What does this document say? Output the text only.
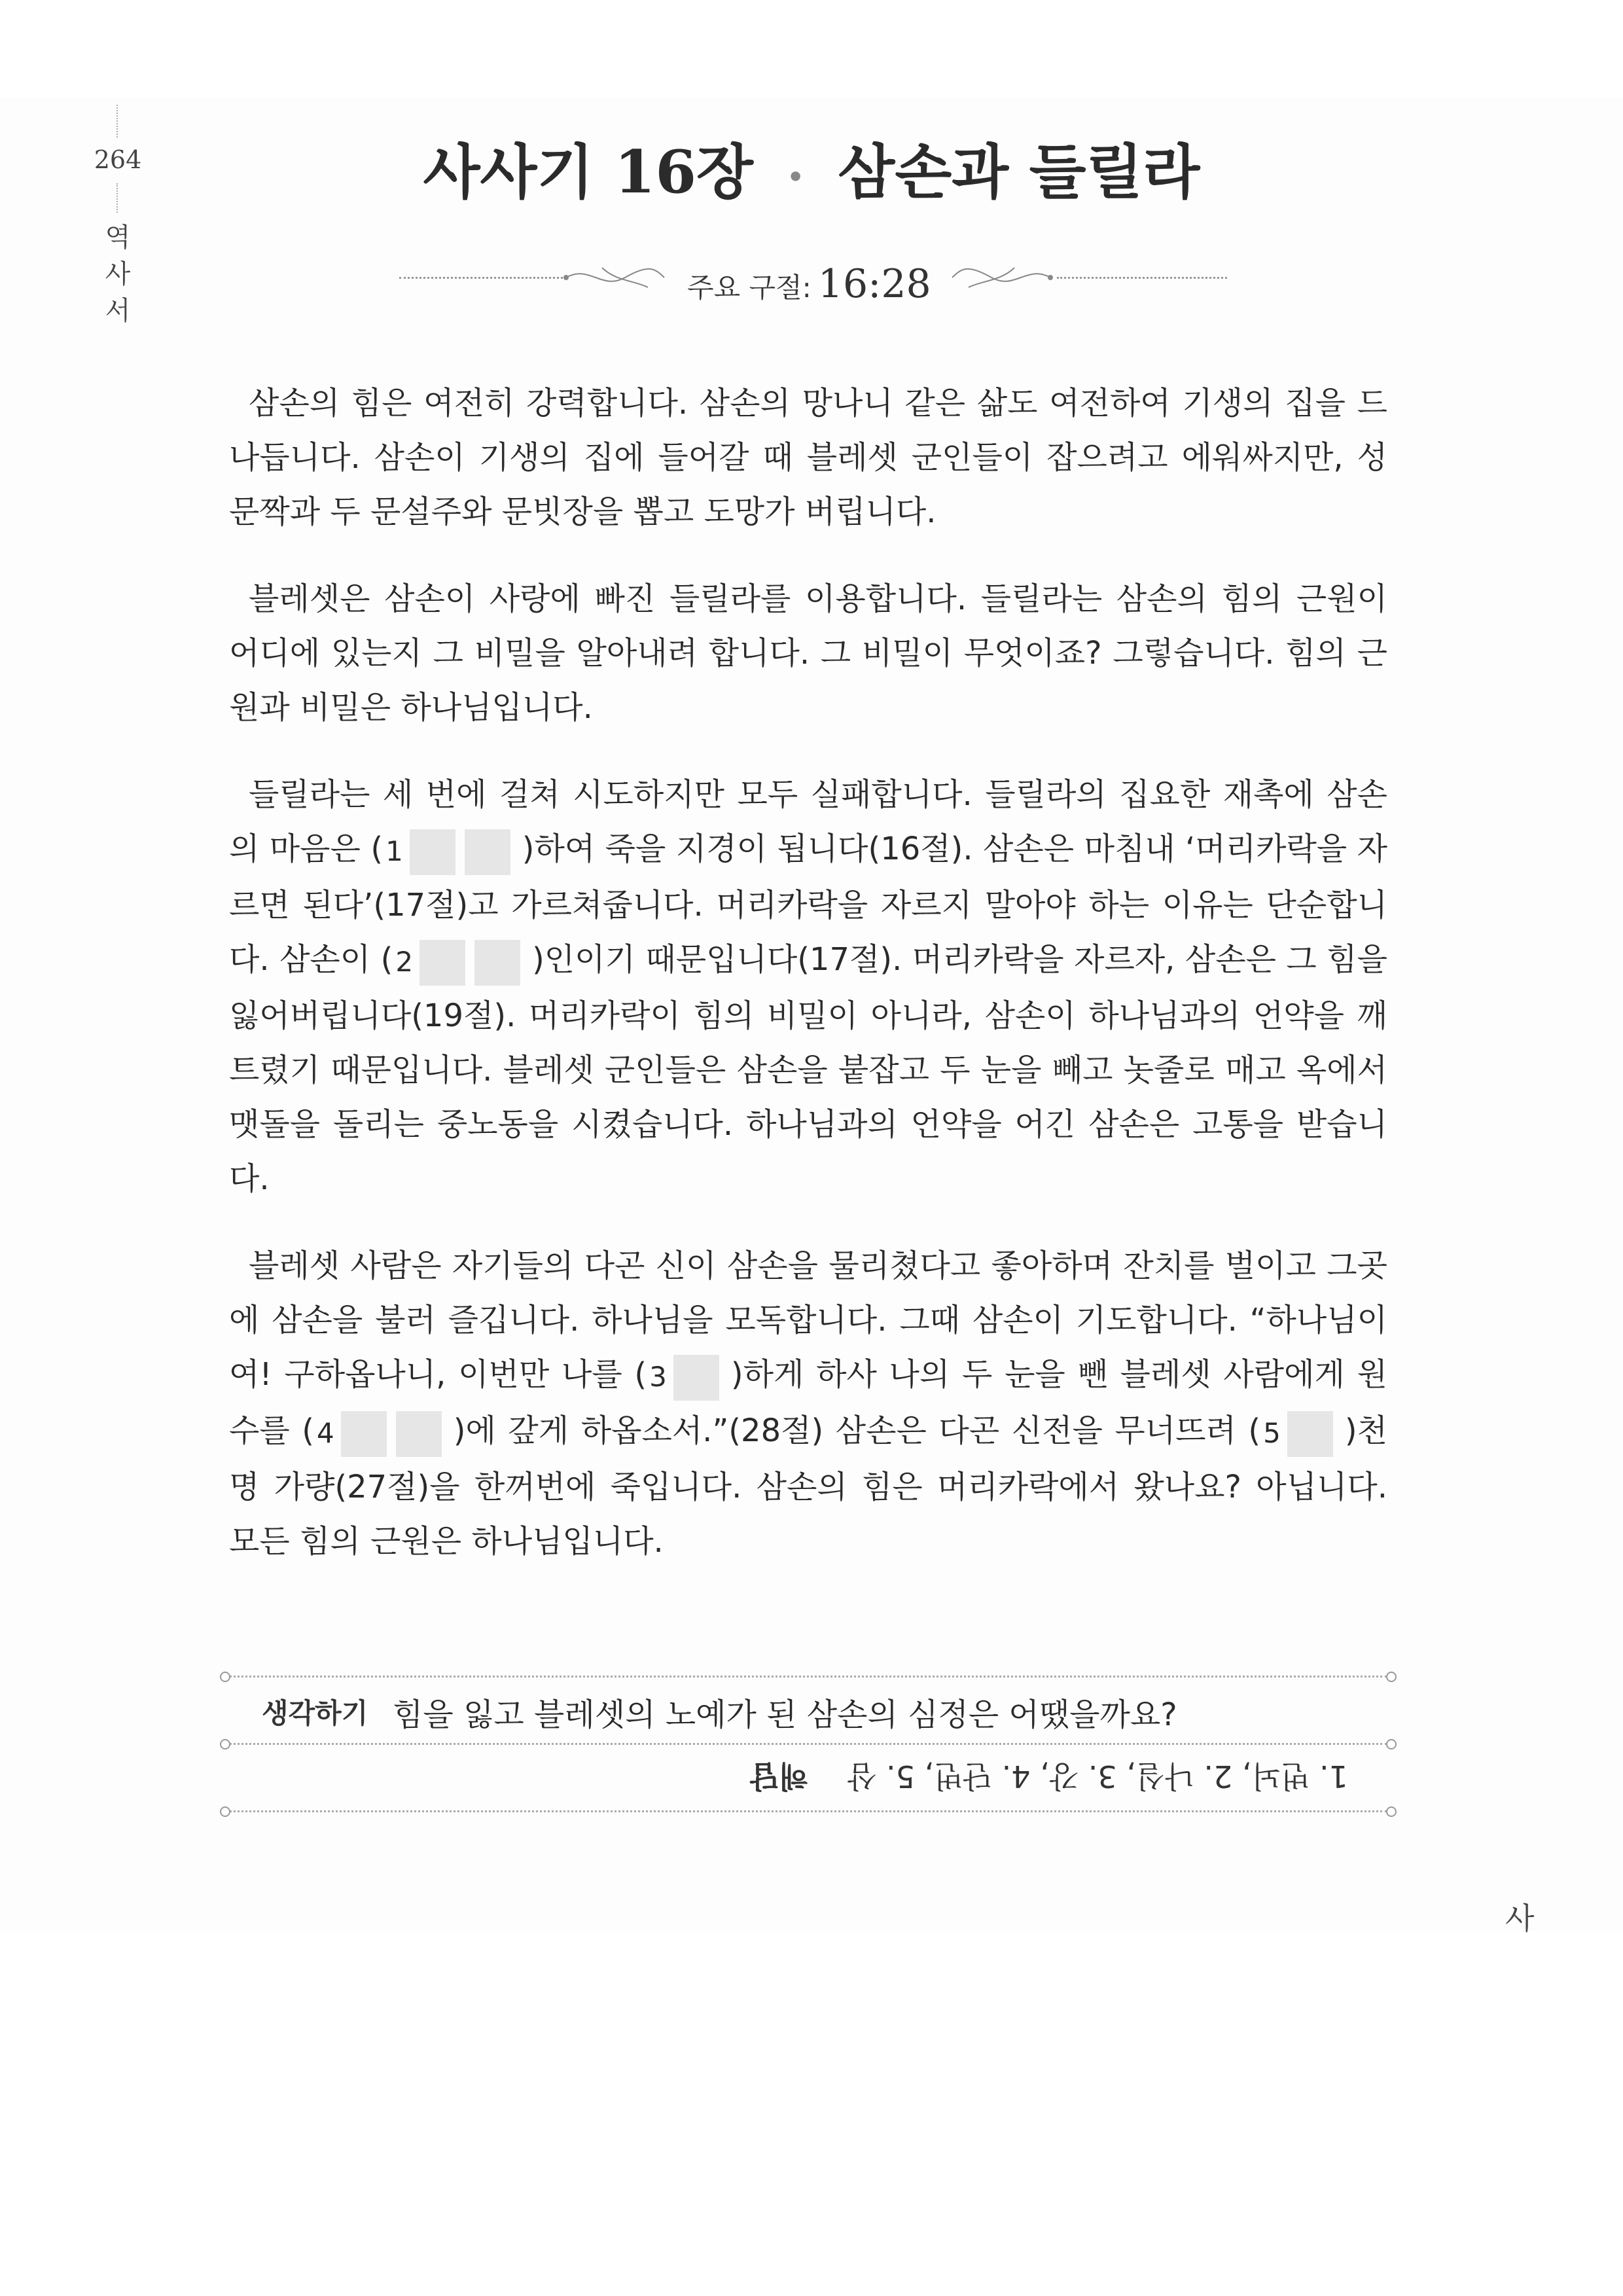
264
역
사
서
사사기 16장 • 삼손과 들릴라
주요 구절: 16:28

삼손의 힘은 여전히 강력합니다. 삼손의 망나니 같은 삶도 여전하여 기생의 집을 드나듭니다. 삼손이 기생의 집에 들어갈 때 블레셋 군인들이 잡으려고 에워싸지만, 성 문짝과 두 문설주와 문빗장을 뽑고 도망가 버립니다.

블레셋은 삼손이 사랑에 빠진 들릴라를 이용합니다. 들릴라는 삼손의 힘의 근원이 어디에 있는지 그 비밀을 알아내려 합니다. 그 비밀이 무엇이죠? 그렇습니다. 힘의 근원과 비밀은 하나님입니다.

들릴라는 세 번에 걸쳐 시도하지만 모두 실패합니다. 들릴라의 집요한 재촉에 삼손의 마음은 (1	)하여 죽을 지경이 됩니다(16절). 삼손은 마침내 ‘머리카락을 자르면 된다’(17절)고 가르쳐줍니다. 머리카락을 자르지 말아야 하는 이유는 단순합니다. 삼손이 (2	)인이기 때문입니다(17절). 머리카락을 자르자, 삼손은 그 힘을 잃어버립니다(19절). 머리카락이 힘의 비밀이 아니라, 삼손이 하나님과의 언약을 깨트렸기 때문입니다. 블레셋 군인들은 삼손을 붙잡고 두 눈을 빼고 놋줄로 매고 옥에서 맷돌을 돌리는 중노동을 시켰습니다. 하나님과의 언약을 어긴 삼손은 고통을 받습니다.

블레셋 사람은 자기들의 다곤 신이 삼손을 물리쳤다고 좋아하며 잔치를 벌이고 그곳에 삼손을 불러 즐깁니다. 하나님을 모독합니다. 그때 삼손이 기도합니다. “하나님이여! 구하옵나니, 이번만 나를 (3 )하게 하사 나의 두 눈을 뺀 블레셋 사람에게 원수를 (4	)에 갚게 하옵소서.”(28절) 삼손은 다곤 신전을 무너뜨려 (5 )천명 가량(27절)을 한꺼번에 죽입니다. 삼손의 힘은 머리카락에서 왔나요? 아닙니다. 모든 힘의 근원은 하나님입니다.

생각하기 힘을 잃고 블레셋의 노예가 된 삼손의 심정은 어땠을까요?
1. 번뇌, 2. 나실, 3. 강, 4. 단번, 5. 삼해답
사
